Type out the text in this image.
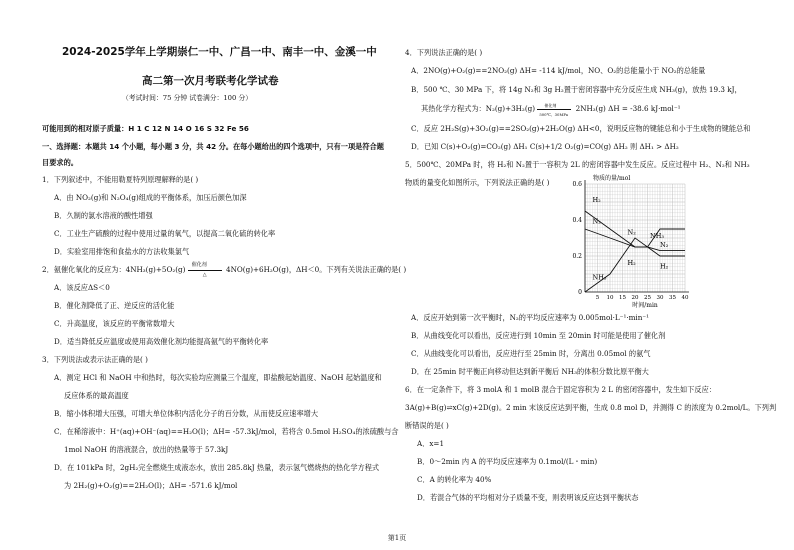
2024-2025学年上学期崇仁一中、广昌一中、南丰一中、金溪一中
高二第一次月考联考化学试卷
（考试时间：75 分钟 试卷满分：100 分）
可能用到的相对原子质量：H 1 C 12 N 14 O 16 S 32 Fe 56
一、选择题：本题共 14 个小题，每小题 3 分，共 42 分。在每小题给出的四个选项中，只有一项是符合题
目要求的。
1．下列叙述中，不能用勒夏特列原理解释的是( )
A．由 NO₂(g)和 N₂O₄(g)组成的平衡体系，加压后颜色加深
B．久制的氯水溶液的酸性增强
C．工业生产硫酸的过程中使用过量的氧气，以提高二氧化硫的转化率
D．实验室用排饱和食盐水的方法收集氯气
2．氨催化氧化的反应为：4NH₃(g)+5O₂(g)
催化剂
△
4NO(g)+6H₂O(g)，ΔH＜0。下列有关说法正确的是( )
A．该反应ΔS＜0
B．催化剂降低了正、逆反应的活化能
C．升高温度，该反应的平衡常数增大
D．适当降低反应温度或使用高效催化剂均能提高氨气的平衡转化率
3．下列说法或表示法正确的是( )
A．测定 HCl 和 NaOH 中和热时，每次实验均应测量三个温度，即盐酸起始温度、NaOH 起始温度和
反应体系的最高温度
B．缩小体积增大压强，可增大单位体积内活化分子的百分数，从而使反应速率增大
C．在稀溶液中：H⁺(aq)+OH⁻(aq)==H₂O(l)；ΔH= -57.3kJ/mol，若将含 0.5mol H₂SO₄的浓硫酸与含
1mol NaOH 的溶液混合，放出的热量等于 57.3kJ
D．在 101kPa 时，2gH₂完全燃烧生成液态水，放出 285.8kJ 热量，表示氢气燃烧热的热化学方程式
为 2H₂(g)+O₂(g)==2H₂O(l)；ΔH= -571.6 kJ/mol
4．下列说法正确的是( )
A．2NO(g)+O₂(g)==2NO₂(g) ΔH= -114 kJ/mol，NO、O₂的总能量小于 NO₂的总能量
B．500 ℃、30 MPa 下，将 14g N₂和 3g H₂置于密闭容器中充分反应生成 NH₃(g)，放热 19.3 kJ，
其热化学方程式为：N₂(g)+3H₂(g) 催化剂
500℃、30MPa
2NH₃(g) ΔH = -38.6 kJ·mol⁻¹
C．反应 2H₂S(g)+3O₂(g)==2SO₂(g)+2H₂O(g) ΔH<0，说明反应物的键能总和小于生成物的键能总和
D．已知 C(s)+O₂(g)=CO₂(g) ΔH₁ C(s)+1/2 O₂(g)=CO(g) ΔH₂ 则 ΔH₁ > ΔH₂
5．500℃、20MPa 时，将 H₂和 N₂置于一容积为 2L 的密闭容器中发生反应。反应过程中 H₂、N₂和 NH₃
物质的量变化如图所示，下列说法正确的是( )	物质的量/mol
0.6
0.4
0.2
0
5 10 15 20 25 30 35 40
时间/min
H₂
N₂
NH₃
N₂
H₂
NH₃
N₂
H₂
A．反应开始到第一次平衡时，N₂的平均反应速率为 0.005mol·L⁻¹·min⁻¹
B．从曲线变化可以看出，反应进行到 10min 至 20min 时可能是使用了催化剂
C．从曲线变化可以看出，反应进行至 25min 时，分离出 0.05mol 的氨气
D．在 25min 时平衡正向移动但达到新平衡后 NH₃的体积分数比原平衡大
6．在一定条件下，将 3 molA 和 1 molB 混合于固定容积为 2 L 的密闭容器中，发生如下反应：
3A(g)+B(g)⇌xC(g)+2D(g)。2 min 末该反应达到平衡，生成 0.8 mol D，并测得 C 的浓度为 0.2mol/L。下列判
断错误的是( )
A．x=1
B．0～2min 内 A 的平均反应速率为 0.1mol/(L・min)
C．A 的转化率为 40%
D．若混合气体的平均相对分子质量不变，则表明该反应达到平衡状态
第1页
